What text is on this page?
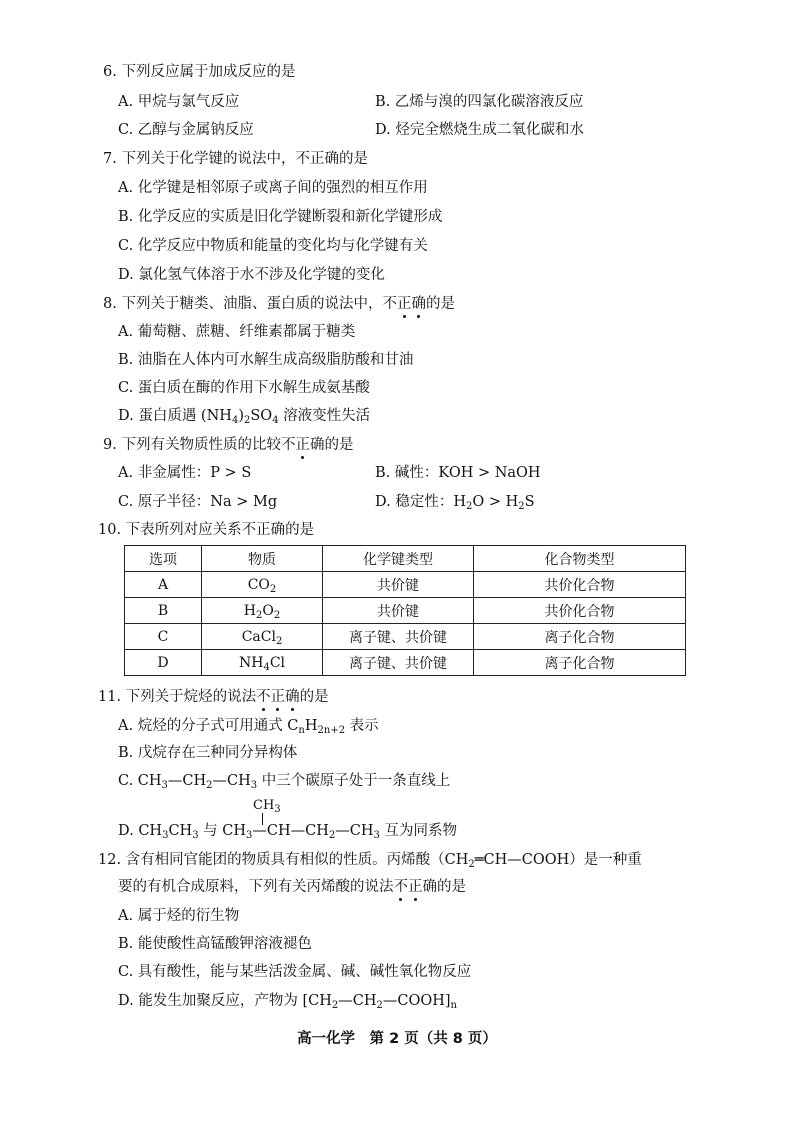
6. 下列反应属于加成反应的是
A. 甲烷与氯气反应	B. 乙烯与溴的四氯化碳溶液反应
C. 乙醇与金属钠反应	D. 烃完全燃烧生成二氧化碳和水
7. 下列关于化学键的说法中，不正确的是
A. 化学键是相邻原子或离子间的强烈的相互作用
B. 化学反应的实质是旧化学键断裂和新化学键形成
C. 化学反应中物质和能量的变化均与化学键有关
D. 氯化氢气体溶于水不涉及化学键的变化
8. 下列关于糖类、油脂、蛋白质的说法中，不正确的是
A. 葡萄糖、蔗糖、纤维素都属于糖类
B. 油脂在人体内可水解生成高级脂肪酸和甘油
C. 蛋白质在酶的作用下水解生成氨基酸
D. 蛋白质遇 $(NH_4)_2SO_4$ 溶液变性失活
9. 下列有关物质性质的比较不正确的是
A. 非金属性：P > S	B. 碱性：KOH > NaOH
C. 原子半径：Na > Mg	D. 稳定性：$H_2O > H_2S$
10. 下表所列对应关系不正确的是
选项	物质	化学键类型	化合物类型
A	$CO_2$	共价键	共价化合物
B	$H_2O_2$	共价键	共价化合物
C	CaCl$_2$	离子键、共价键	离子化合物
D	$NH_4Cl$	离子键、共价键	离子化合物
11. 下列关于烷烃的说法不正确的是
A. 烷烃的分子式可用通式 $C_nH_{2n+2}$ 表示
B. 戊烷存在三种同分异构体
C. $CH_3—CH_2—CH_3$ 中三个碳原子处于一条直线上
$CH_3$
D. $CH_3CH_3$ 与 $CH_3—CH—CH_2—CH_3$ 互为同系物
12. 含有相同官能团的物质具有相似的性质。丙烯酸$(CH_2═CH—COOH)$是一种重
要的有机合成原料，下列有关丙烯酸的说法不正确的是
A. 属于烃的衍生物
B. 能使酸性高锰酸钾溶液褪色
C. 具有酸性，能与某些活泼金属、碱、碱性氧化物反应
D. 能发生加聚反应，产物为 $[CH_2—CH_2—COOH]_n$
高一化学　第 2 页（共 8 页）
